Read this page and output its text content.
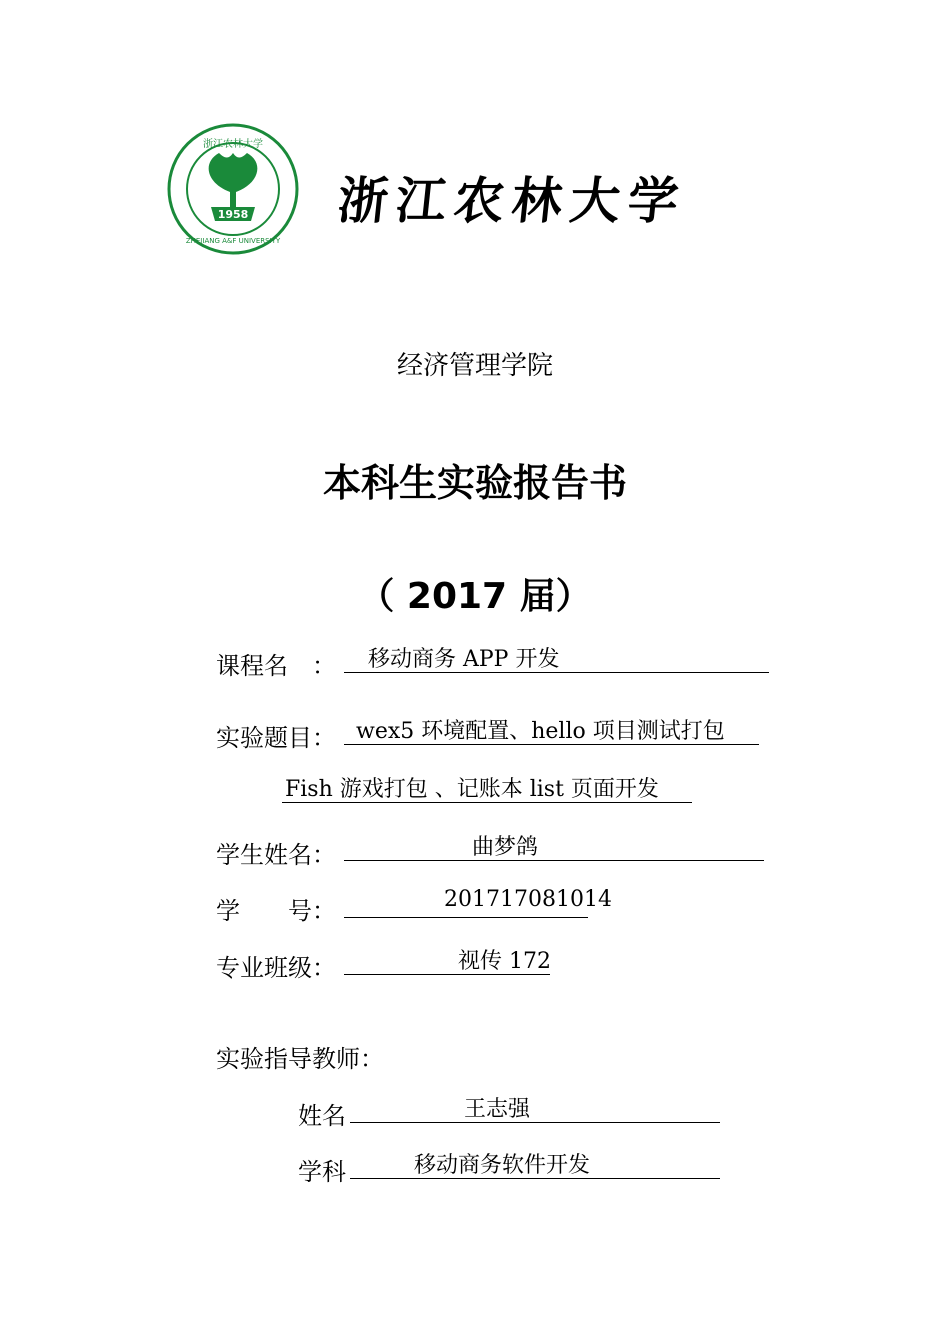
1958
浙江农林大学
ZHEJIANG A&F UNIVERSITY
浙江农林大学
经济管理学院
本科生实验报告书
（ 2017 届）
课程名　： 移动商务 APP 开发
实验题目： wex5 环境配置、hello 项目测试打包
Fish 游戏打包 、记账本 list 页面开发
学生姓名：	曲梦鸽
学　　号：	201717081014
专业班级：	视传 172
实验指导教师：
姓名	王志强
学科	移动商务软件开发
